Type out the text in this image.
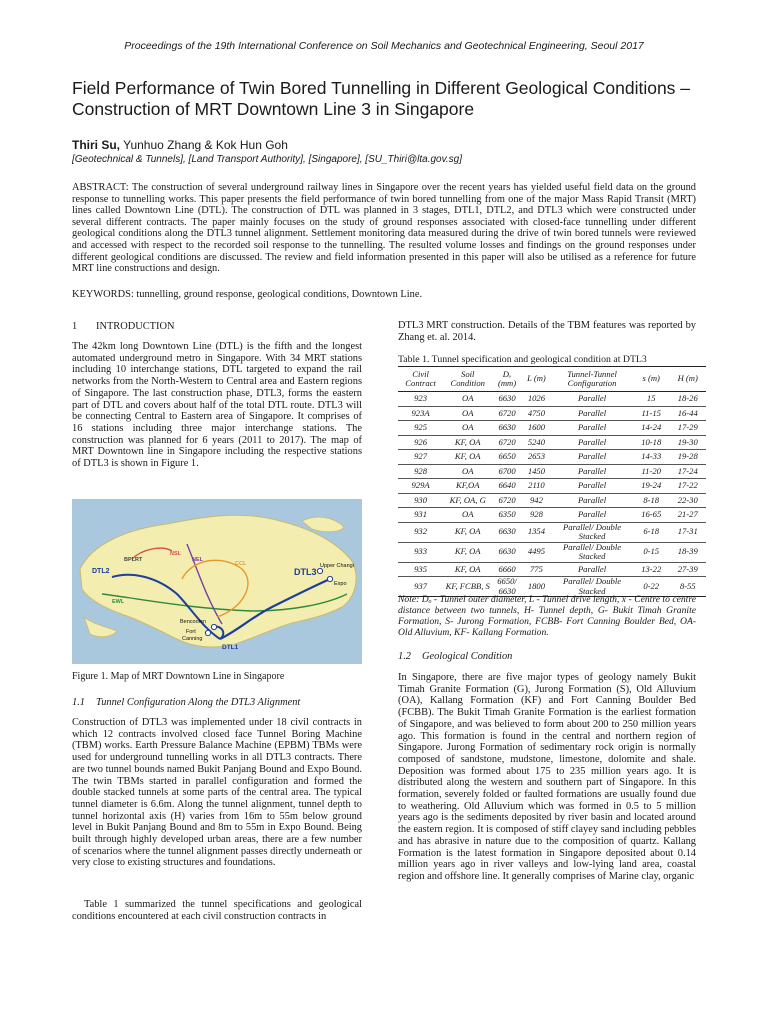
Proceedings of the 19th International Conference on Soil Mechanics and Geotechnical Engineering, Seoul 2017
Field Performance of Twin Bored Tunnelling in Different Geological Conditions – Construction of MRT Downtown Line 3 in Singapore
Thiri Su, Yunhuo Zhang & Kok Hun Goh
[Geotechnical & Tunnels], [Land Transport Authority], [Singapore], [SU_Thiri@lta.gov.sg]
ABSTRACT: The construction of several underground railway lines in Singapore over the recent years has yielded useful field data on the ground response to tunnelling works. This paper presents the field performance of twin bored tunnelling from one of the major Mass Rapid Transit (MRT) lines called Downtown Line (DTL). The construction of DTL was planned in 3 stages, DTL1, DTL2, and DTL3 which were constructed under several different contracts. The paper mainly focuses on the study of ground responses associated with closed-face tunnelling under different geological conditions along the DTL3 tunnel alignment. Settlement monitoring data measured during the drive of twin bored tunnels were reviewed and accessed with respect to the recorded soil response to the tunnelling. The resulted volume losses and findings on the ground responses under different geological conditions are discussed. The review and field information presented in this paper will also be utilised as a reference for future MRT line constructions and design.
KEYWORDS: tunnelling, ground response, geological conditions, Downtown Line.
1 INTRODUCTION
The 42km long Downtown Line (DTL) is the fifth and the longest automated underground metro in Singapore. With 34 MRT stations including 10 interchange stations, DTL targeted to expand the rail networks from the North-Western to Central area and Eastern regions of Singapore. The last construction phase, DTL3, forms the eastern part of DTL and covers about half of the total DTL route. DTL3 will be connecting Central to Eastern area of Singapore. It comprises of 16 stations including three major interchange stations. The construction was planned for 6 years (2011 to 2017). The map of MRT Downtown line in Singapore including the respective stations of DTL3 is shown in Figure 1.
DTL2
BPLRT
NSL
CCL
NEL
EWL
DTL3
DTL1
Bencoolen
Fort
Canning
Upper Changi
Expo
Figure 1. Map of MRT Downtown Line in Singapore
1.1 Tunnel Configuration Along the DTL3 Alignment
Construction of DTL3 was implemented under 18 civil contracts in which 12 contracts involved closed face Tunnel Boring Machine (TBM) works. Earth Pressure Balance Machine (EPBM) TBMs were used for underground tunnelling works in all DTL3 contracts. There are two tunnel bounds named Bukit Panjang Bound and Expo Bound. The twin TBMs started in parallel configuration and formed the double stacked tunnels at some parts of the central area. The typical tunnel diameter is 6.6m. Along the tunnel alignment, tunnel depth to tunnel horizontal axis (H) varies from 16m to 55m below ground level in Bukit Panjang Bound and 8m to 55m in Expo Bound. Being built through highly developed urban areas, there are a few number of scenarios where the tunnel alignment passes directly underneath or very close to existing structures and foundations.
Table 1 summarized the tunnel specifications and geological conditions encountered at each civil construction contracts in
DTL3 MRT construction. Details of the TBM features was reported by Zhang et. al. 2014.
Table 1. Tunnel specification and geological condition at DTL3
Civil Contract	Soil Condition	Dₒ (mm)	L (m)	Tunnel-Tunnel Configuration	s (m)	H (m)
923	OA	6630	1026	Parallel	15	18-26
923A	OA	6720	4750	Parallel	11-15	16-44
925	OA	6630	1600	Parallel	14-24	17-29
926	KF, OA	6720	5240	Parallel	10-18	19-30
927	KF, OA	6650	2653	Parallel	14-33	19-28
928	OA	6700	1450	Parallel	11-20	17-24
929A	KF,OA	6640	2110	Parallel	19-24	17-22
930	KF, OA, G	6720	942	Parallel	8-18	22-30
931	OA	6350	928	Parallel	16-65	21-27
932	KF, OA	6630	1354	Parallel/ Double Stacked	6-18	17-31
933	KF, OA	6630	4495	Parallel/ Double Stacked	0-15	18-39
935	KF, OA	6660	775	Parallel	13-22	27-39
937	KF, FCBB, S	6650/ 6630	1800	Parallel/ Double Stacked	0-22	8-55
Note: Dₒ - Tunnel outer diameter, L - Tunnel drive length, x - Centre to centre distance between two tunnels, H- Tunnel depth, G- Bukit Timah Granite Formation, S- Jurong Formation, FCBB- Fort Canning Boulder Bed, OA- Old Alluvium, KF- Kallang Formation.
1.2 Geological Condition
In Singapore, there are five major types of geology namely Bukit Timah Granite Formation (G), Jurong Formation (S), Old Alluvium (OA), Kallang Formation (KF) and Fort Canning Boulder Bed (FCBB). The Bukit Timah Granite Formation is the earliest formation of Singapore, and was believed to form about 200 to 250 million years ago. This formation is found in the central and northern region of Singapore. Jurong Formation of sedimentary rock origin is normally composed of sandstone, mudstone, limestone, dolomite and shale. Deposition was formed about 175 to 235 million years ago. It is distributed along the western and southern part of Singapore. In this formation, severely folded or faulted formations are usually found due to weathering. Old Alluvium which was formed in 0.5 to 5 million years ago is the sediments deposited by river basin and located around the eastern region. It is composed of stiff clayey sand including pebbles and has abrasive in nature due to the composition of quartz. Kallang Formation is the latest formation in Singapore deposited about 0.14 million years ago in river valleys and low-lying land area, coastal region and offshore line. It generally comprises of Marine clay, organic
